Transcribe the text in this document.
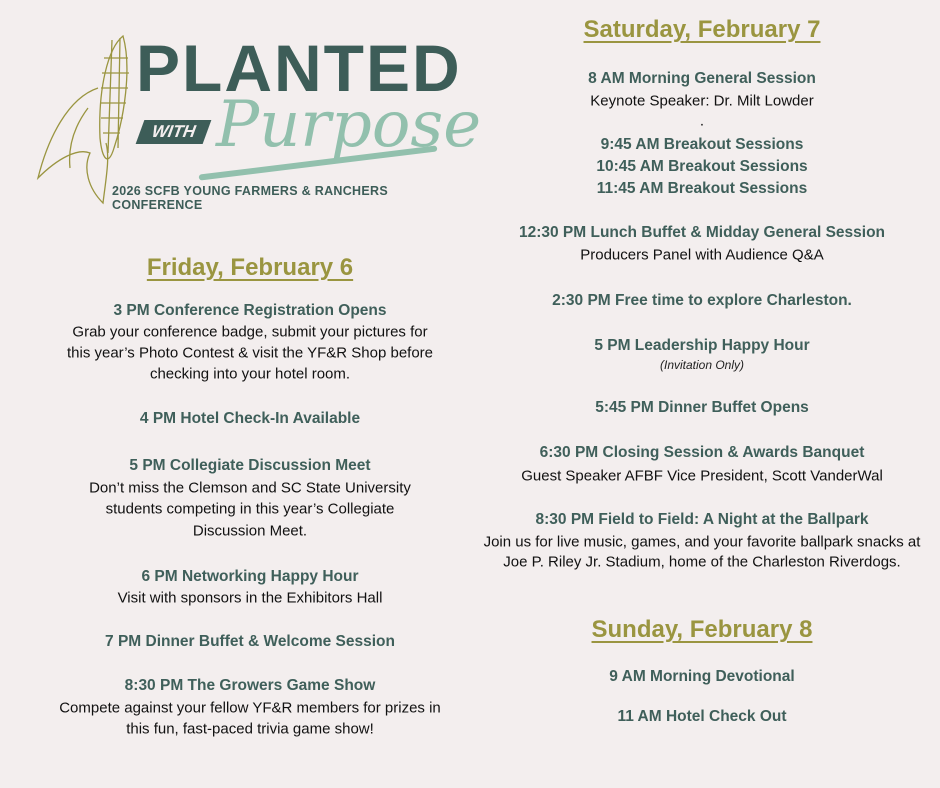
PLANTED
WITH Purpose
2026 SCFB YOUNG FARMERS & RANCHERS CONFERENCE
Friday, February 6
3 PM Conference Registration Opens
Grab your conference badge, submit your pictures for
this year’s Photo Contest & visit the YF&R Shop before
checking into your hotel room.
4 PM Hotel Check-In Available
5 PM Collegiate Discussion Meet
Don’t miss the Clemson and SC State University
students competing in this year’s Collegiate
Discussion Meet.
6 PM Networking Happy Hour
Visit with sponsors in the Exhibitors Hall
7 PM Dinner Buffet & Welcome Session
8:30 PM The Growers Game Show
Compete against your fellow YF&R members for prizes in
this fun, fast-paced trivia game show!
Saturday, February 7
8 AM Morning General Session
Keynote Speaker: Dr. Milt Lowder
.
9:45 AM Breakout Sessions
10:45 AM Breakout Sessions
11:45 AM Breakout Sessions
12:30 PM Lunch Buffet & Midday General Session
Producers Panel with Audience Q&A
2:30 PM Free time to explore Charleston.
5 PM Leadership Happy Hour
(Invitation Only)
5:45 PM Dinner Buffet Opens
6:30 PM Closing Session & Awards Banquet
Guest Speaker AFBF Vice President, Scott VanderWal
8:30 PM Field to Field: A Night at the Ballpark
Join us for live music, games, and your favorite ballpark snacks at
Joe P. Riley Jr. Stadium, home of the Charleston Riverdogs.
Sunday, February 8
9 AM Morning Devotional
11 AM Hotel Check Out
